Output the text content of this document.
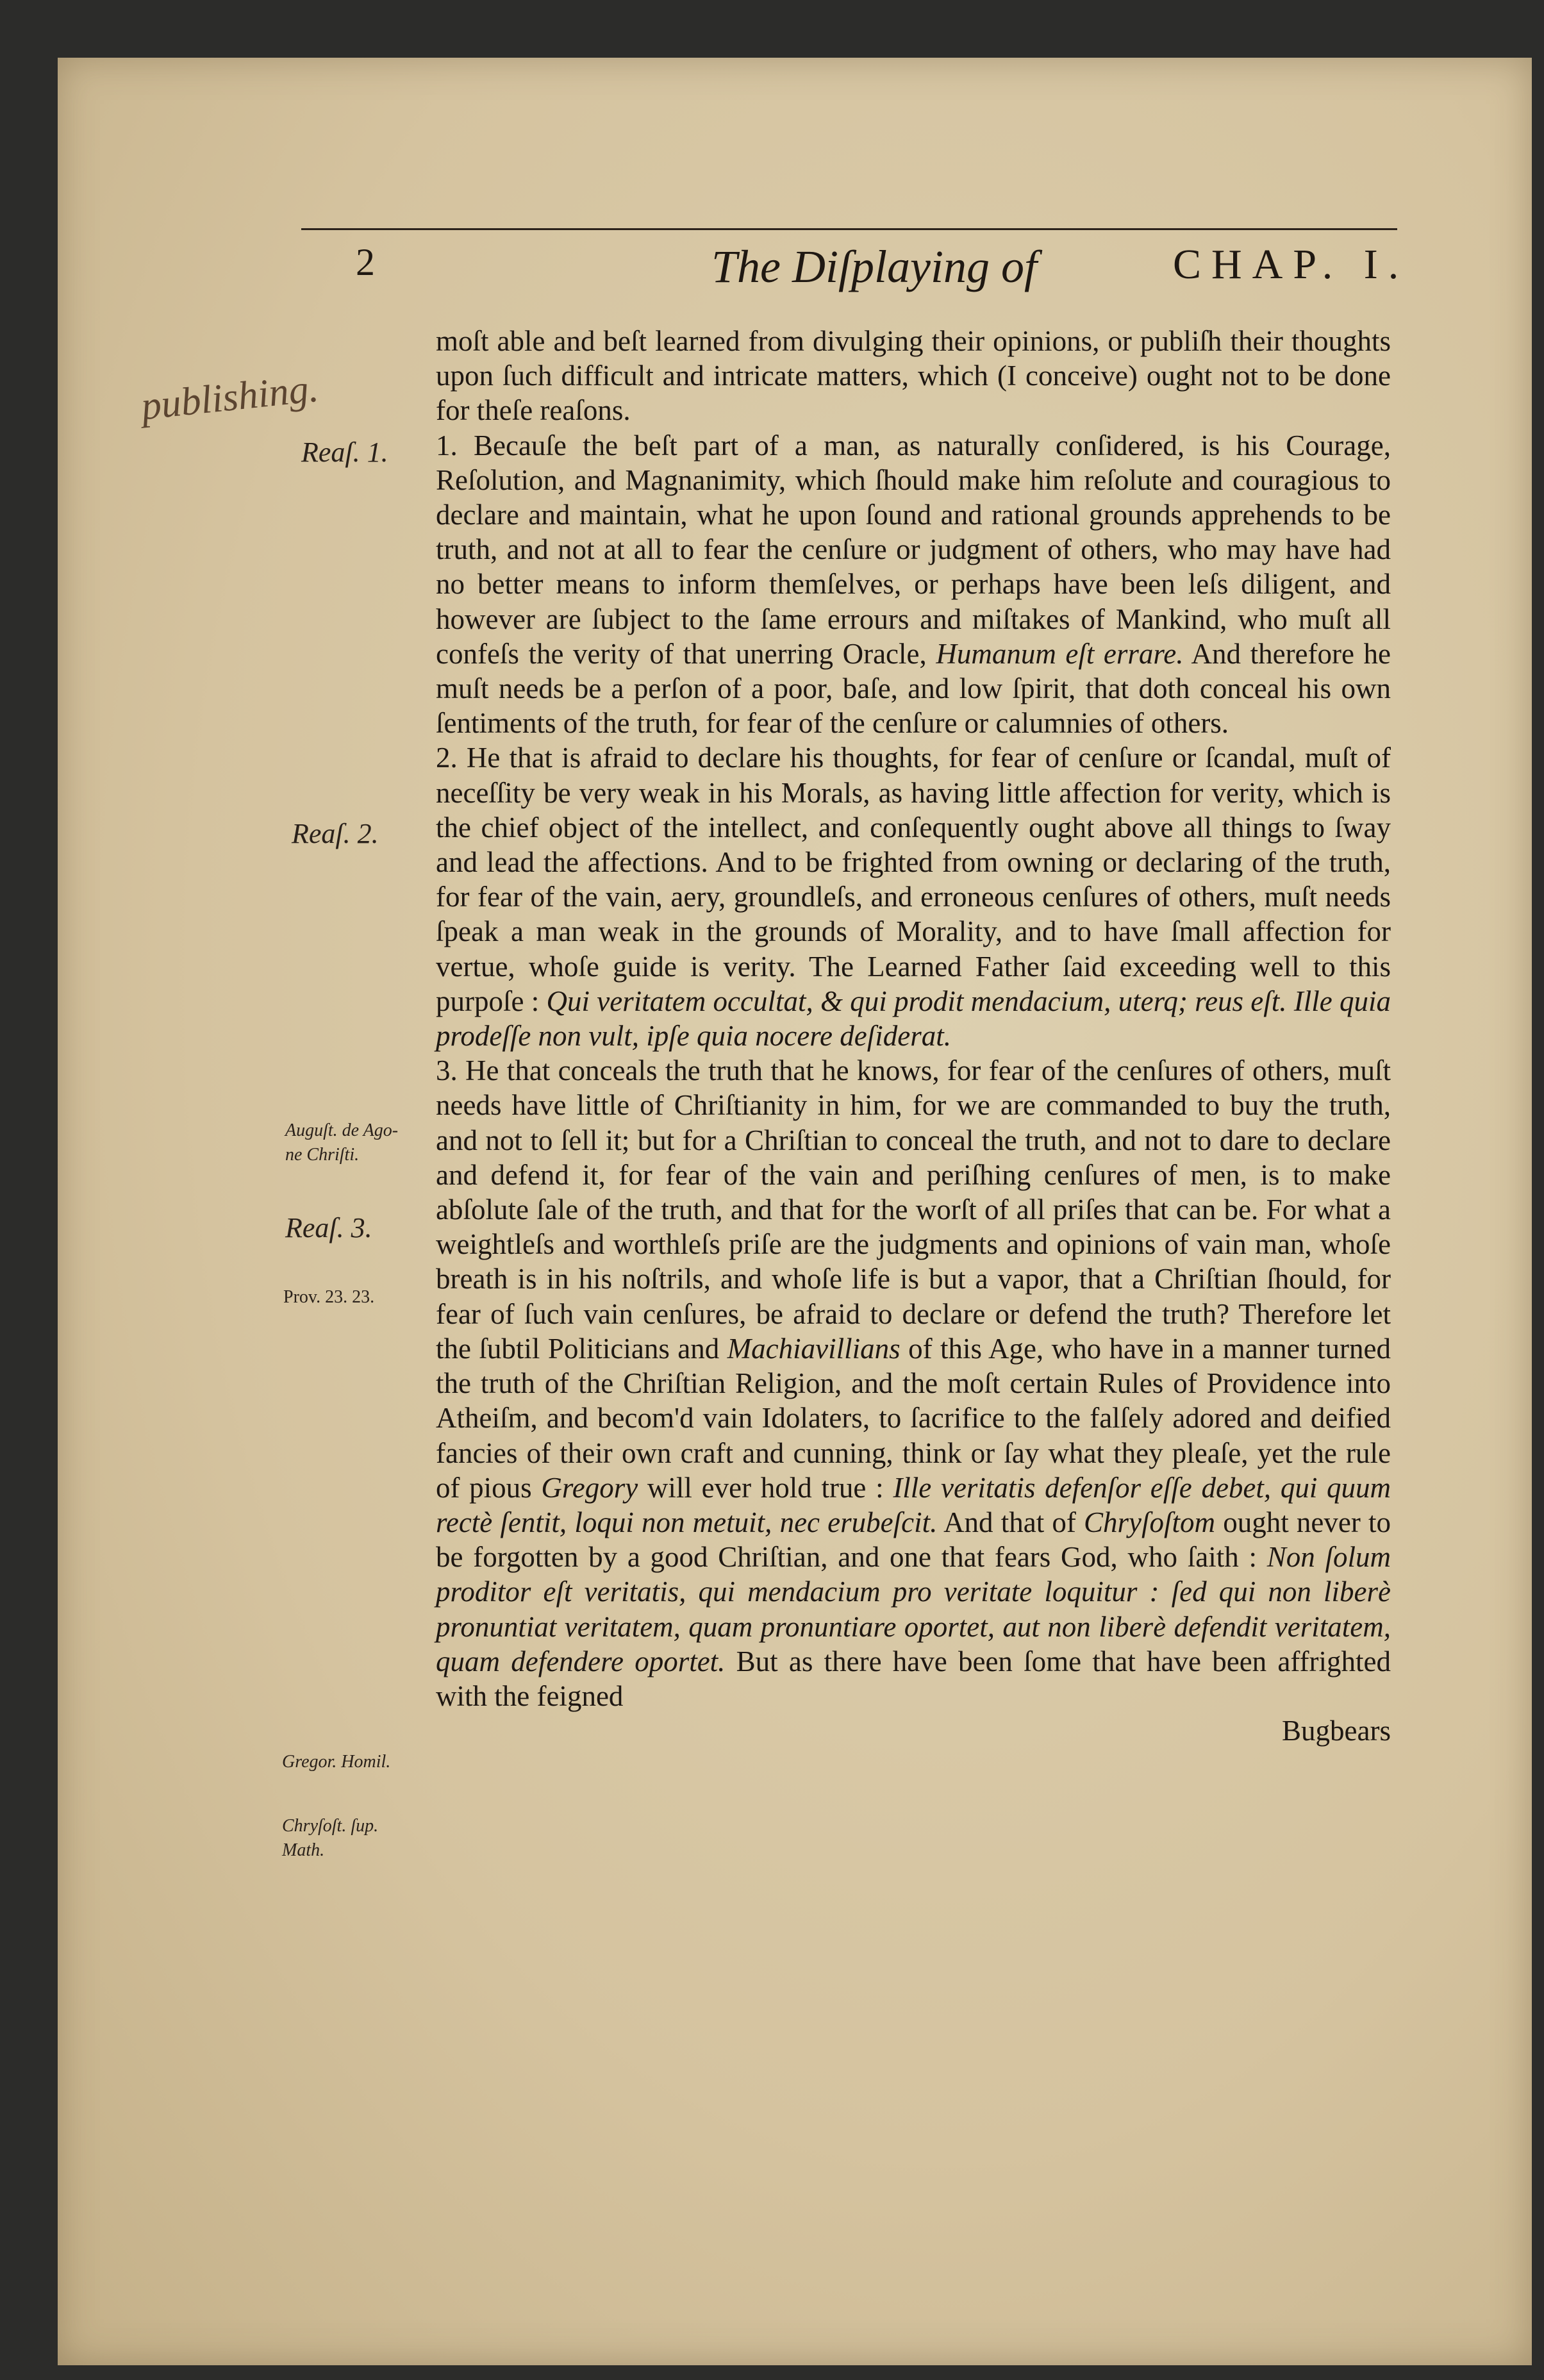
2	The Diſplaying of	CHAP. I.
publishing.
Reaſ. 1.
Reaſ. 2.
Auguſt. de Ago-
ne Chriſti.
Reaſ. 3.
Prov. 23. 23.
Gregor. Homil.
Chryſoſt. ſup.
Math.

moſt able and beſt learned from divulging their opinions, or publiſh their thoughts upon ſuch difficult and intricate matters, which (I conceive) ought not to be done for theſe reaſons.

1. Becauſe the beſt part of a man, as naturally conſidered, is his Courage, Reſolution, and Magnanimity, which ſhould make him reſolute and couragious to declare and maintain, what he upon ſound and rational grounds apprehends to be truth, and not at all to fear the cenſure or judgment of others, who may have had no better means to inform themſelves, or perhaps have been leſs diligent, and however are ſubject to the ſame errours and miſtakes of Mankind, who muſt all confeſs the verity of that unerring Oracle, Humanum eſt errare. And therefore he muſt needs be a perſon of a poor, baſe, and low ſpirit, that doth conceal his own ſentiments of the truth, for fear of the cenſure or calumnies of others.

2. He that is afraid to declare his thoughts, for fear of cenſure or ſcandal, muſt of neceſſity be very weak in his Morals, as having little affection for verity, which is the chief object of the intellect, and conſequently ought above all things to ſway and lead the affections. And to be frighted from owning or declaring of the truth, for fear of the vain, aery, groundleſs, and erroneous cenſures of others, muſt needs ſpeak a man weak in the grounds of Morality, and to have ſmall affection for vertue, whoſe guide is verity. The Learned Father ſaid exceeding well to this purpoſe : Qui veritatem occultat, & qui prodit mendacium, uterq; reus eſt. Ille quia prodeſſe non vult, ipſe quia nocere deſiderat.

3. He that conceals the truth that he knows, for fear of the cenſures of others, muſt needs have little of Chriſtianity in him, for we are commanded to buy the truth, and not to ſell it; but for a Chriſtian to conceal the truth, and not to dare to declare and defend it, for fear of the vain and periſhing cenſures of men, is to make abſolute ſale of the truth, and that for the worſt of all priſes that can be. For what a weightleſs and worthleſs priſe are the judgments and opinions of vain man, whoſe breath is in his noſtrils, and whoſe life is but a vapor, that a Chriſtian ſhould, for fear of ſuch vain cenſures, be afraid to declare or defend the truth? Therefore let the ſubtil Politicians and Machiavillians of this Age, who have in a manner turned the truth of the Chriſtian Religion, and the moſt certain Rules of Providence into Atheiſm, and becom'd vain Idolaters, to ſacrifice to the falſely adored and deified fancies of their own craft and cunning, think or ſay what they pleaſe, yet the rule of pious Gregory will ever hold true : Ille veritatis defenſor eſſe debet, qui quum rectè ſentit, loqui non metuit, nec erubeſcit. And that of Chryſoſtom ought never to be forgotten by a good Chriſtian, and one that fears God, who ſaith : Non ſolum proditor eſt veritatis, qui mendacium pro veritate loquitur : ſed qui non liberè pronuntiat veritatem, quam pronuntiare oportet, aut non liberè defendit veritatem, quam defendere oportet. But as there have been ſome that have been affrighted with the feigned

Bugbears
